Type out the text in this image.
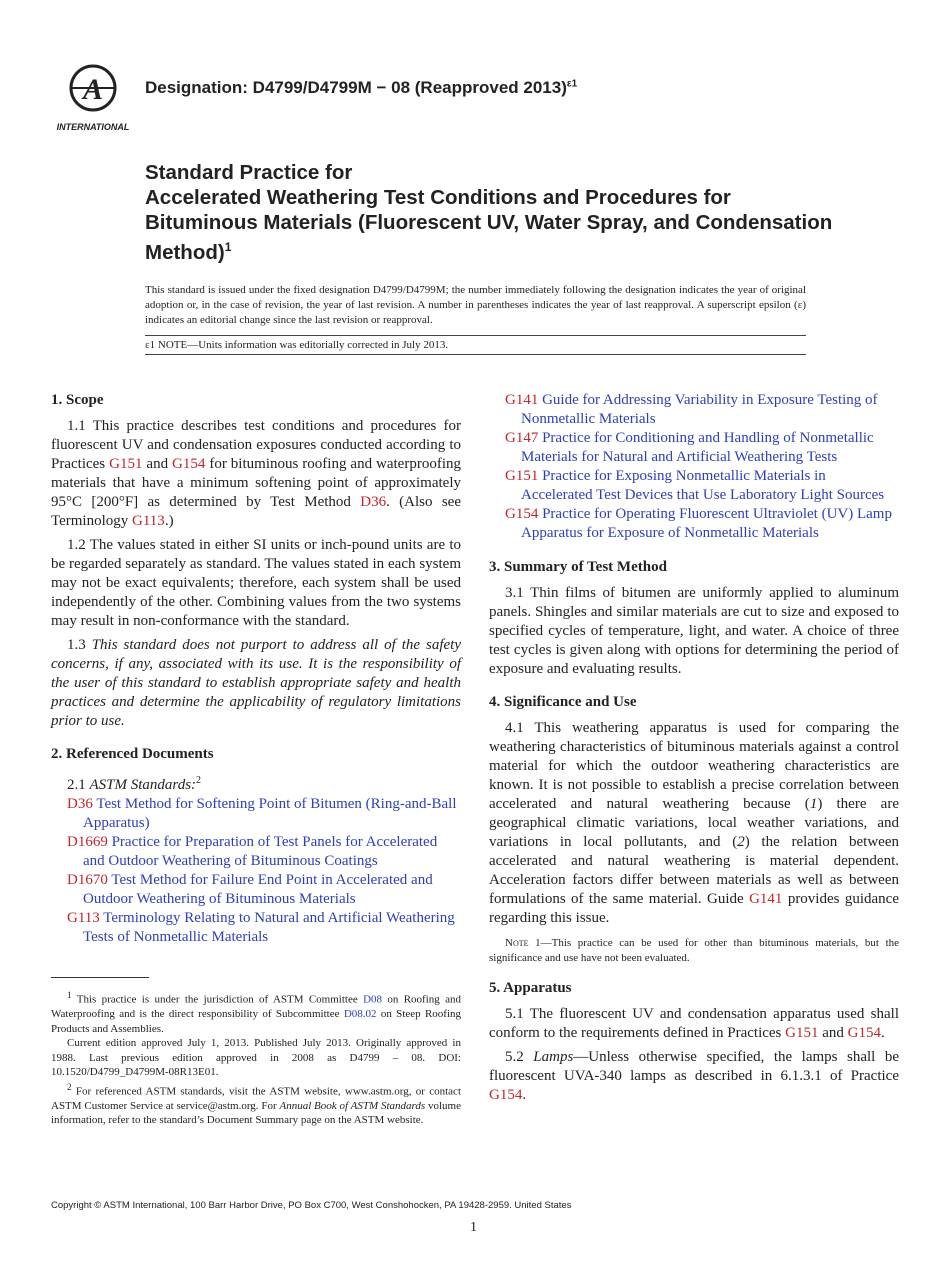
A
INTERNATIONAL
Designation: D4799/D4799M − 08 (Reapproved 2013)$^{\varepsilon 1}$
Standard Practice for
Accelerated Weathering Test Conditions and Procedures for Bituminous Materials (Fluorescent UV, Water Spray, and Condensation Method)$^1$
This standard is issued under the fixed designation D4799/D4799M; the number immediately following the designation indicates the year of original adoption or, in the case of revision, the year of last revision. A number in parentheses indicates the year of last reapproval. A superscript epsilon (ε) indicates an editorial change since the last revision or reapproval.
ε1 NOTE—Units information was editorially corrected in July 2013.
1. Scope

1.1 This practice describes test conditions and procedures for fluorescent UV and condensation exposures conducted according to Practices G151 and G154 for bituminous roofing and waterproofing materials that have a minimum softening point of approximately 95°C [200°F] as determined by Test Method D36. (Also see Terminology G113.)

1.2 The values stated in either SI units or inch-pound units are to be regarded separately as standard. The values stated in each system may not be exact equivalents; therefore, each system shall be used independently of the other. Combining values from the two systems may result in non-conformance with the standard.

1.3 This standard does not purport to address all of the safety concerns, if any, associated with its use. It is the responsibility of the user of this standard to establish appropriate safety and health practices and determine the applicability of regulatory limitations prior to use.

2. Referenced Documents

2.1 ASTM Standards:$^2$

D36 Test Method for Softening Point of Bitumen (Ring-and-Ball Apparatus)
D1669 Practice for Preparation of Test Panels for Accelerated and Outdoor Weathering of Bituminous Coatings
D1670 Test Method for Failure End Point in Accelerated and Outdoor Weathering of Bituminous Materials
G113 Terminology Relating to Natural and Artificial Weathering Tests of Nonmetallic Materials

$^1$ This practice is under the jurisdiction of ASTM Committee D08 on Roofing and Waterproofing and is the direct responsibility of Subcommittee D08.02 on Steep Roofing Products and Assemblies.

Current edition approved July 1, 2013. Published July 2013. Originally approved in 1988. Last previous edition approved in 2008 as D4799 – 08. DOI: 10.1520/D4799_D4799M-08R13E01.

$^2$ For referenced ASTM standards, visit the ASTM website, www.astm.org, or contact ASTM Customer Service at service@astm.org. For Annual Book of ASTM Standards volume information, refer to the standard’s Document Summary page on the ASTM website.

G141 Guide for Addressing Variability in Exposure Testing of Nonmetallic Materials
G147 Practice for Conditioning and Handling of Nonmetallic Materials for Natural and Artificial Weathering Tests
G151 Practice for Exposing Nonmetallic Materials in Accelerated Test Devices that Use Laboratory Light Sources
G154 Practice for Operating Fluorescent Ultraviolet (UV) Lamp Apparatus for Exposure of Nonmetallic Materials
3. Summary of Test Method

3.1 Thin films of bitumen are uniformly applied to aluminum panels. Shingles and similar materials are cut to size and exposed to specified cycles of temperature, light, and water. A choice of three test cycles is given along with options for determining the period of exposure and evaluating results.

4. Significance and Use

4.1 This weathering apparatus is used for comparing the weathering characteristics of bituminous materials against a control material for which the outdoor weathering characteristics are known. It is not possible to establish a precise correlation between accelerated and natural weathering because (1) there are geographical climatic variations, local weather variations, and variations in local pollutants, and (2) the relation between accelerated and natural weathering is material dependent. Acceleration factors differ between materials as well as between formulations of the same material. Guide G141 provides guidance regarding this issue.

Note 1—This practice can be used for other than bituminous materials, but the significance and use have not been evaluated.

5. Apparatus

5.1 The fluorescent UV and condensation apparatus used shall conform to the requirements defined in Practices G151 and G154.

5.2 Lamps—Unless otherwise specified, the lamps shall be fluorescent UVA-340 lamps as described in 6.1.3.1 of Practice G154.

Copyright © ASTM International, 100 Barr Harbor Drive, PO Box C700, West Conshohocken, PA 19428-2959. United States
1
